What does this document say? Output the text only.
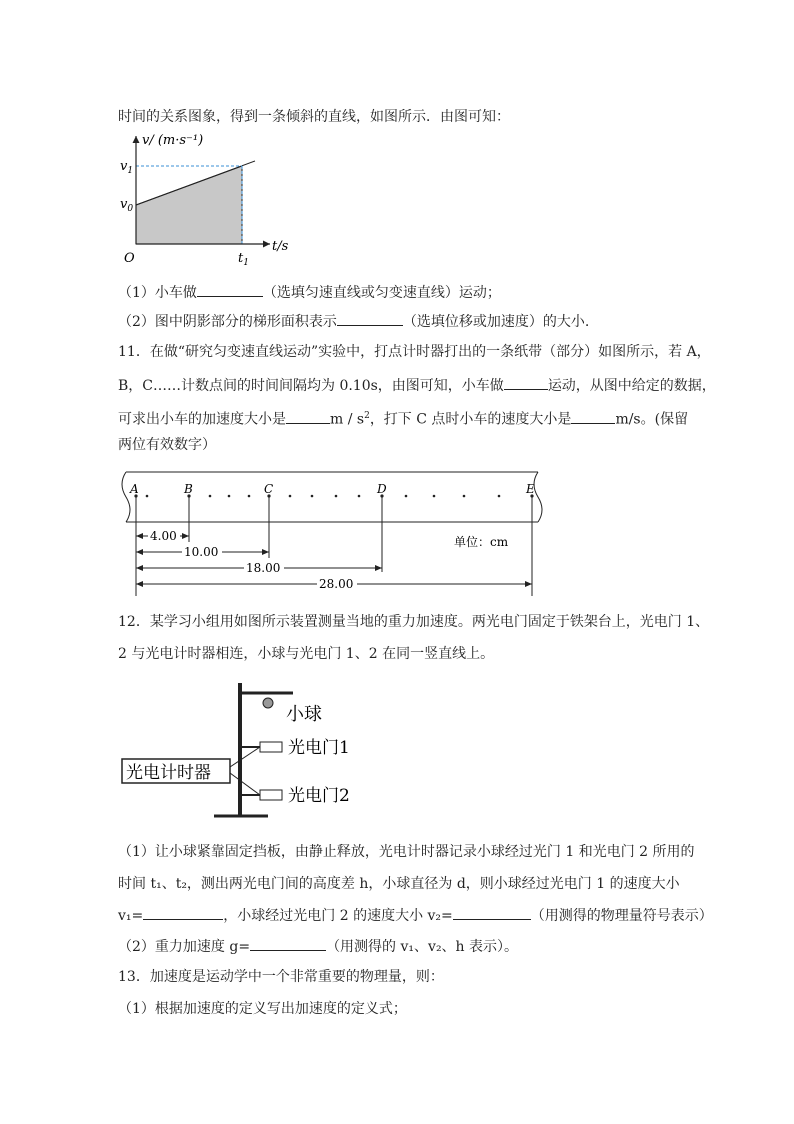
时间的关系图象，得到一条倾斜的直线，如图所示．由图可知：
v/ (m·s⁻¹)
$v_1$
$v_0$
O	$t_1$
t/s
（1）小车做	（选填匀速直线或匀变速直线）运动；
（2）图中阴影部分的梯形面积表示	（选填位移或加速度）的大小.
11．在做“研究匀变速直线运动”实验中，打点计时器打出的一条纸带（部分）如图所示，若 A，
B，C……计数点间的时间间隔均为 0.10s，由图可知，小车做	运动，从图中给定的数据，
可求出小车的加速度大小是	m / $s^2$，打下 C 点时小车的速度大小是	m/s。(保留
两位有效数字）
A	B	C	D	E
4.00
10.00
18.00
28.00
单位：cm
12．某学习小组用如图所示装置测量当地的重力加速度。两光电门固定于铁架台上，光电门 1、
2 与光电计时器相连，小球与光电门 1、2 在同一竖直线上。
小球
光电门1
光电门2
光电计时器
（1）让小球紧靠固定挡板，由静止释放，光电计时器记录小球经过光门 1 和光电门 2 所用的
时间 t₁、t₂，测出两光电门间的高度差 h，小球直径为 d，则小球经过光电门 1 的速度大小
v₁=	，小球经过光电门 2 的速度大小 v₂=	（用测得的物理量符号表示）
（2）重力加速度 g=	（用测得的 v₁、v₂、h 表示）。
13．加速度是运动学中一个非常重要的物理量，则：
（1）根据加速度的定义写出加速度的定义式；
